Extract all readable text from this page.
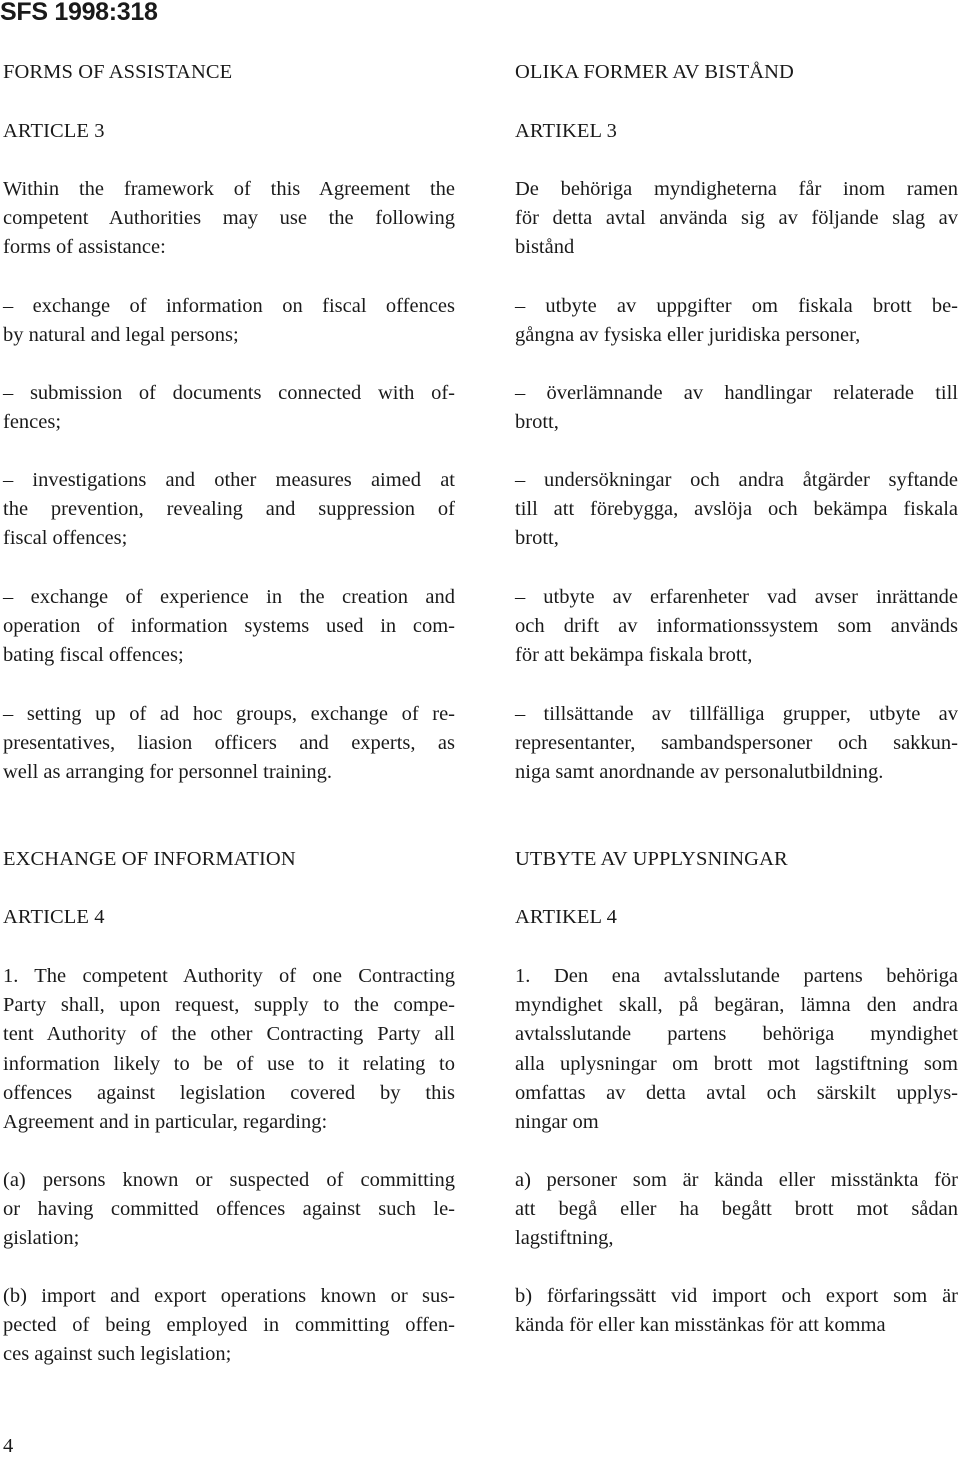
SFS 1998:318
FORMS OF ASSISTANCE
ARTICLE 3
Within the framework of this Agreement the
competent Authorities may use the following
forms of assistance:
– exchange of information on fiscal offences
by natural and legal persons;
– submission of documents connected with of-
fences;
– investigations and other measures aimed at
the prevention, revealing and suppression of
fiscal offences;
– exchange of experience in the creation and
operation of information systems used in com-
bating fiscal offences;
– setting up of ad hoc groups, exchange of re-
presentatives, liasion officers and experts, as
well as arranging for personnel training.
EXCHANGE OF INFORMATION
ARTICLE 4
1. The competent Authority of one Contracting
Party shall, upon request, supply to the compe-
tent Authority of the other Contracting Party all
information likely to be of use to it relating to
offences against legislation covered by this
Agreement and in particular, regarding:
(a) persons known or suspected of committing
or having committed offences against such le-
gislation;
(b) import and export operations known or sus-
pected of being employed in committing offen-
ces against such legislation;
OLIKA FORMER AV BISTÅND
ARTIKEL 3
De behöriga myndigheterna får inom ramen
för detta avtal använda sig av följande slag av
bistånd
– utbyte av uppgifter om fiskala brott be-
gångna av fysiska eller juridiska personer,
– överlämnande av handlingar relaterade till
brott,
– undersökningar och andra åtgärder syftande
till att förebygga, avslöja och bekämpa fiskala
brott,
– utbyte av erfarenheter vad avser inrättande
och drift av informationssystem som används
för att bekämpa fiskala brott,
– tillsättande av tillfälliga grupper, utbyte av
representanter, sambandspersoner och sakkun-
niga samt anordnande av personalutbildning.
UTBYTE AV UPPLYSNINGAR
ARTIKEL 4
1. Den ena avtalsslutande partens behöriga
myndighet skall, på begäran, lämna den andra
avtalsslutande partens behöriga myndighet
alla uplysningar om brott mot lagstiftning som
omfattas av detta avtal och särskilt upplys-
ningar om
a) personer som är kända eller misstänkta för
att begå eller ha begått brott mot sådan
lagstiftning,
b) förfaringssätt vid import och export som är
kända för eller kan misstänkas för att komma
4
